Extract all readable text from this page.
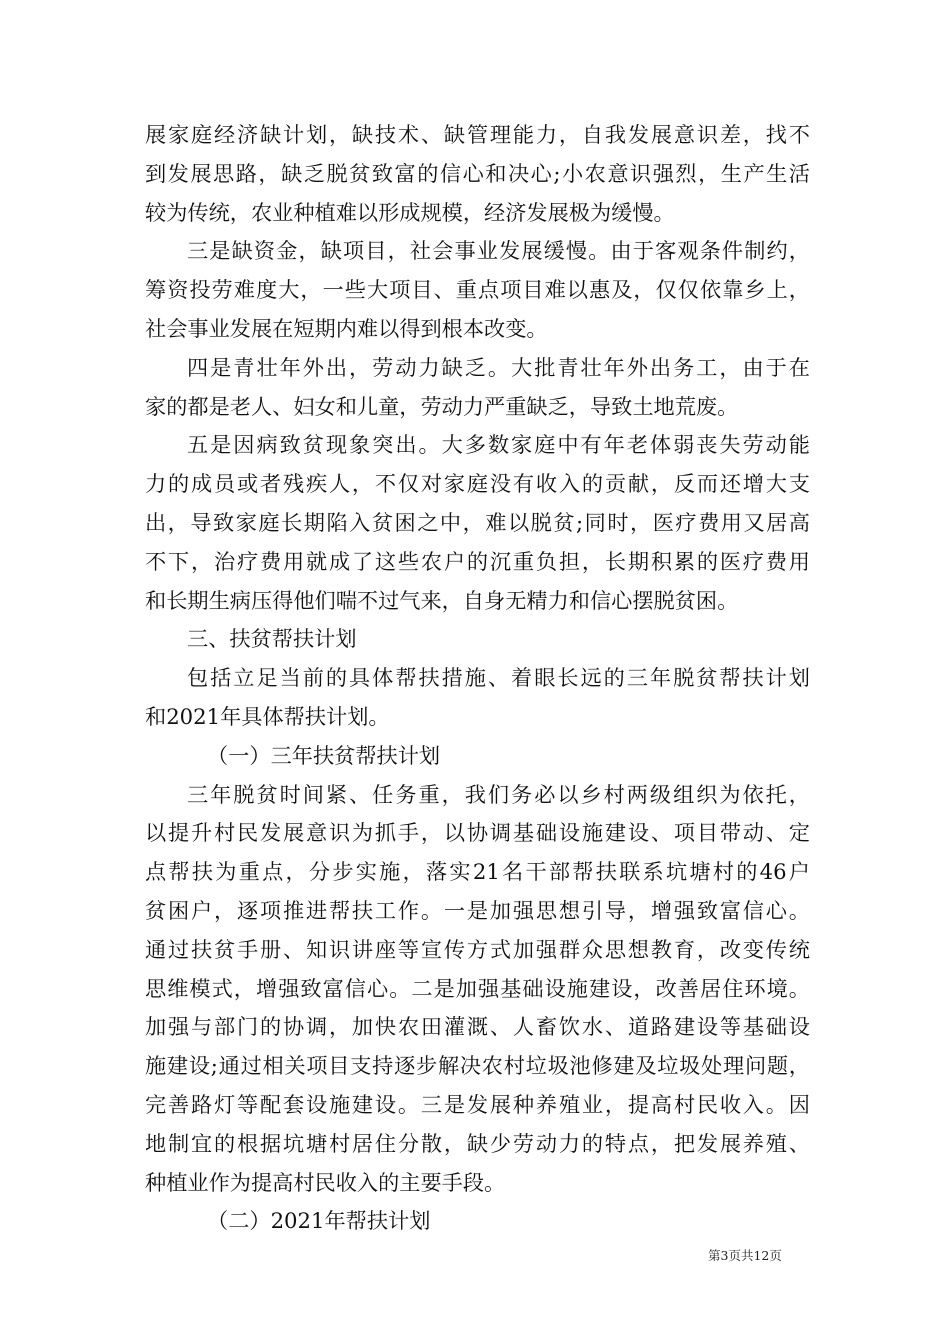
展家庭经济缺计划，缺技术、缺管理能力，自我发展意识差，找不
到发展思路，缺乏脱贫致富的信心和决心;小农意识强烈，生产生活
较为传统，农业种植难以形成规模，经济发展极为缓慢。
三是缺资金，缺项目，社会事业发展缓慢。由于客观条件制约，
筹资投劳难度大，一些大项目、重点项目难以惠及，仅仅依靠乡上，
社会事业发展在短期内难以得到根本改变。
四是青壮年外出，劳动力缺乏。大批青壮年外出务工，由于在
家的都是老人、妇女和儿童，劳动力严重缺乏，导致土地荒废。
五是因病致贫现象突出。大多数家庭中有年老体弱丧失劳动能
力的成员或者残疾人，不仅对家庭没有收入的贡献，反而还增大支
出，导致家庭长期陷入贫困之中，难以脱贫;同时，医疗费用又居高
不下，治疗费用就成了这些农户的沉重负担，长期积累的医疗费用
和长期生病压得他们喘不过气来，自身无精力和信心摆脱贫困。
三、扶贫帮扶计划
包括立足当前的具体帮扶措施、着眼长远的三年脱贫帮扶计划
和2021年具体帮扶计划。
（一）三年扶贫帮扶计划
三年脱贫时间紧、任务重，我们务必以乡村两级组织为依托，
以提升村民发展意识为抓手，以协调基础设施建设、项目带动、定
点帮扶为重点，分步实施，落实21名干部帮扶联系坑塘村的46户
贫困户，逐项推进帮扶工作。一是加强思想引导，增强致富信心。
通过扶贫手册、知识讲座等宣传方式加强群众思想教育，改变传统
思维模式，增强致富信心。二是加强基础设施建设，改善居住环境。
加强与部门的协调，加快农田灌溉、人畜饮水、道路建设等基础设
施建设;通过相关项目支持逐步解决农村垃圾池修建及垃圾处理问题，
完善路灯等配套设施建设。三是发展种养殖业，提高村民收入。因
地制宜的根据坑塘村居住分散，缺少劳动力的特点，把发展养殖、
种植业作为提高村民收入的主要手段。
（二）2021年帮扶计划
第3页共12页
